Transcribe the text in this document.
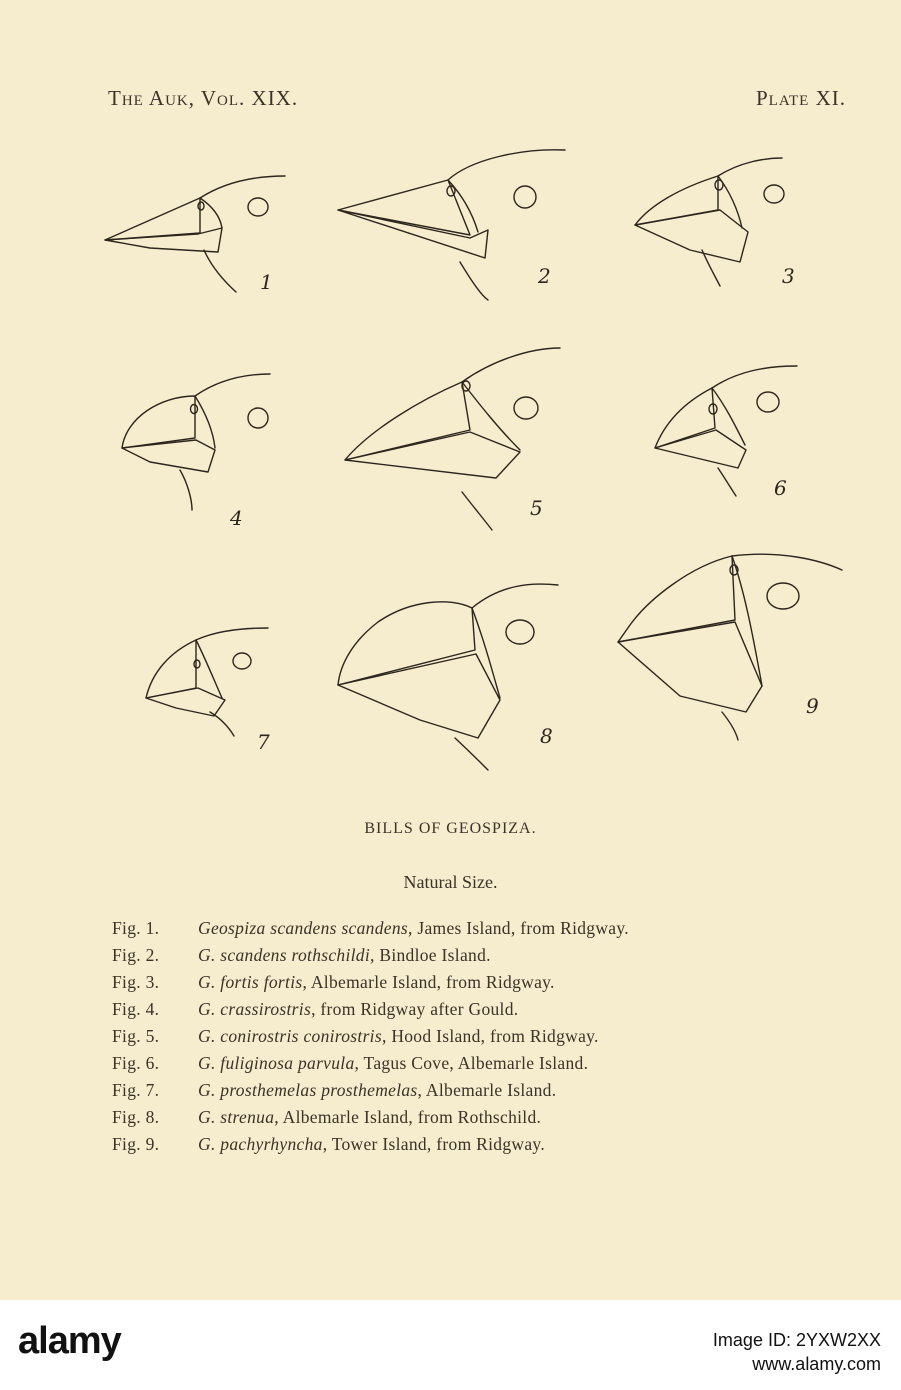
The Auk, Vol. XIX.	Plate XI.
1	2	3
4	5
6
7	8
9
BILLS OF GEOSPIZA.
Natural Size.
Fig. 1. Geospiza scandens scandens, James Island, from Ridgway.
Fig. 2. G. scandens rothschildi, Bindloe Island.
Fig. 3. G. fortis fortis, Albemarle Island, from Ridgway.
Fig. 4. G. crassirostris, from Ridgway after Gould.
Fig. 5. G. conirostris conirostris, Hood Island, from Ridgway.
Fig. 6. G. fuliginosa parvula, Tagus Cove, Albemarle Island.
Fig. 7. G. prosthemelas prosthemelas, Albemarle Island.
Fig. 8. G. strenua, Albemarle Island, from Rothschild.
Fig. 9. G. pachyrhyncha, Tower Island, from Ridgway.
alamy	Image ID: 2YXW2XX
www.alamy.com
